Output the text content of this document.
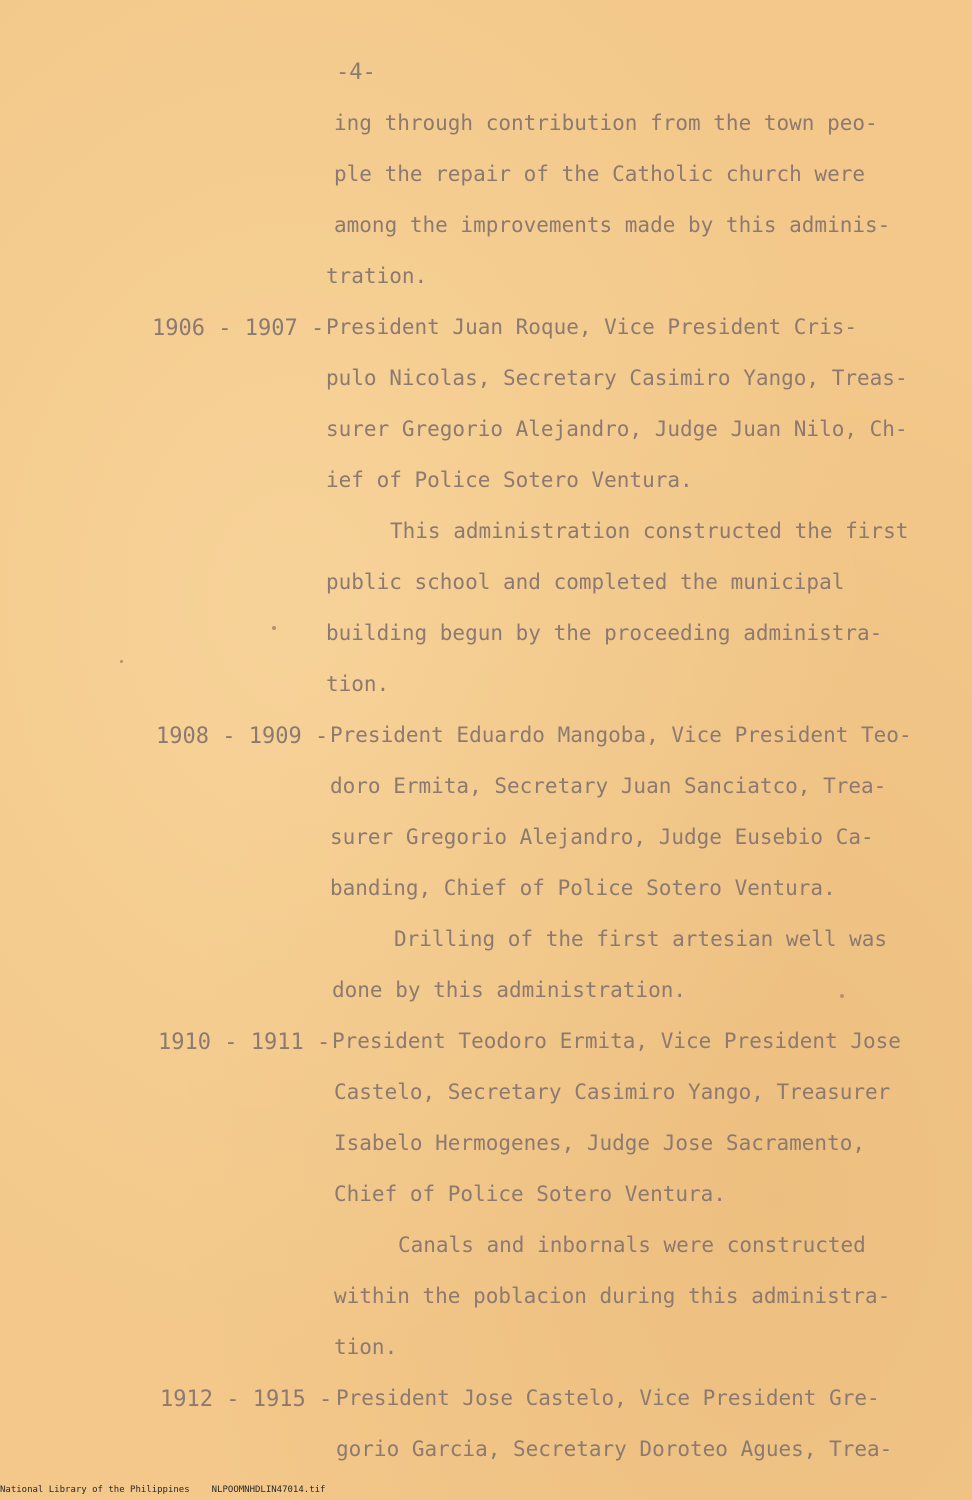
-4-
ing through contribution from the town peo-
ple the repair of the Catholic church were
among the improvements made by this adminis-
tration.
1906 - 1907 - President Juan Roque, Vice President Cris-
pulo Nicolas, Secretary Casimiro Yango, Treas-
surer Gregorio Alejandro, Judge Juan Nilo, Ch-
ief of Police Sotero Ventura.
This administration constructed the first
public school and completed the municipal
building begun by the proceeding administra-
tion.
1908 - 1909 - President Eduardo Mangoba, Vice President Teo-
doro Ermita, Secretary Juan Sanciatco, Trea-
surer Gregorio Alejandro, Judge Eusebio Ca-
banding, Chief of Police Sotero Ventura.
Drilling of the first artesian well was
done by this administration.
1910 - 1911 - President Teodoro Ermita, Vice President Jose
Castelo, Secretary Casimiro Yango, Treasurer
Isabelo Hermogenes, Judge Jose Sacramento,
Chief of Police Sotero Ventura.
Canals and inbornals were constructed
within the poblacion during this administra-
tion.
1912 - 1915 - President Jose Castelo, Vice President Gre-
gorio Garcia, Secretary Doroteo Agues, Trea-
National Library of the Philippines NLPOOMNHDLIN47014.tif
